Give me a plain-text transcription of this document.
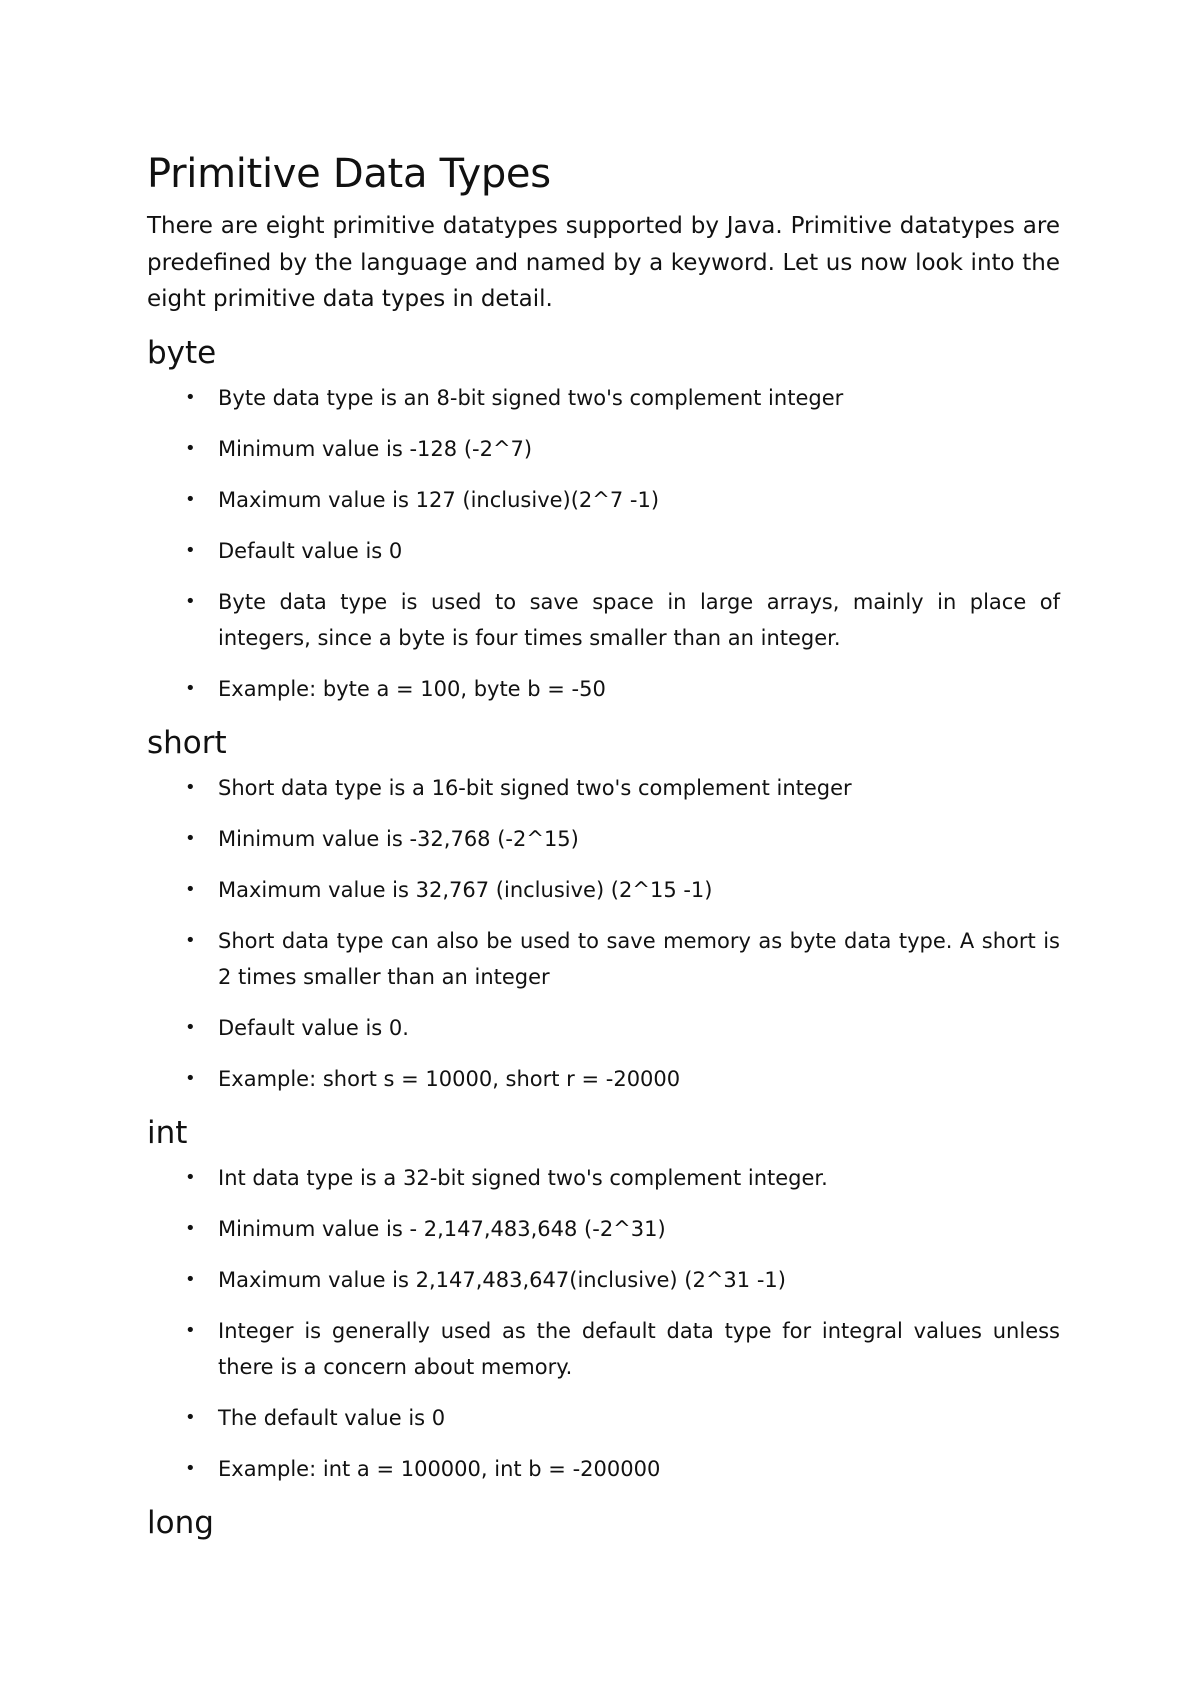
Primitive Data Types

There are eight primitive datatypes supported by Java. Primitive datatypes are predefined by the language and named by a keyword. Let us now look into the eight primitive data types in detail.

byte
• Byte data type is an 8-bit signed two's complement integer
• Minimum value is -128 (-2^7)
• Maximum value is 127 (inclusive)(2^7 -1)
• Default value is 0
• Byte data type is used to save space in large arrays, mainly in place of integers, since a byte is four times smaller than an integer.
• Example: byte a = 100, byte b = -50
short
• Short data type is a 16-bit signed two's complement integer
• Minimum value is -32,768 (-2^15)
• Maximum value is 32,767 (inclusive) (2^15 -1)
• Short data type can also be used to save memory as byte data type. A short is 2 times smaller than an integer
• Default value is 0.
• Example: short s = 10000, short r = -20000
int
• Int data type is a 32-bit signed two's complement integer.
• Minimum value is - 2,147,483,648 (-2^31)
• Maximum value is 2,147,483,647(inclusive) (2^31 -1)
• Integer is generally used as the default data type for integral values unless there is a concern about memory.
• The default value is 0
• Example: int a = 100000, int b = -200000
long
